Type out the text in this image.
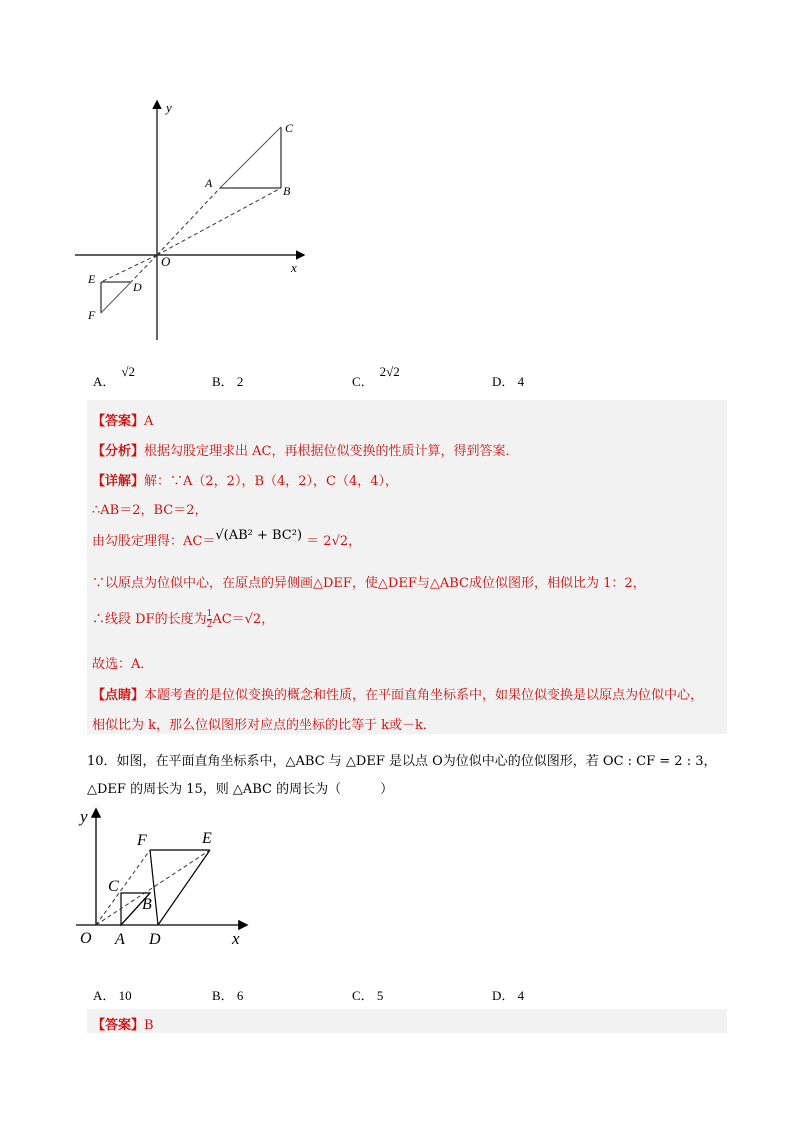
y
x
O
A
B
C
D
E
F
A．√2
B． 2	C．2√2
D． 4
【答案】A
【分析】根据勾股定理求出 AC，再根据位似变换的性质计算，得到答案．
【详解】解：∵A（2，2），B（4，2），C（4，4），
∴AB＝2，BC＝2，
由勾股定理得：AC＝√(AB² + BC²) ＝ 2√2，
∵以原点为位似中心，在原点的异侧画△DEF，使△DEF与△ABC成位似图形，相似比为 1：2，
∴线段 DF的长度为 $\frac{1}{2} AC=√2$，
故选：A．
【点睛】本题考查的是位似变换的概念和性质，在平面直角坐标系中，如果位似变换是以原点为位似中心，
相似比为 k，那么位似图形对应点的坐标的比等于 k或－k．
10．如图，在平面直角坐标系中，△ABC 与 △DEF 是以点 O为位似中心的位似图形，若 OC : CF = 2 : 3，
△DEF 的周长为 15，则 △ABC 的周长为（　　　）
y
x
O A
B
C
D
E
F
A． 10	B． 6	C． 5	D． 4
【答案】B
